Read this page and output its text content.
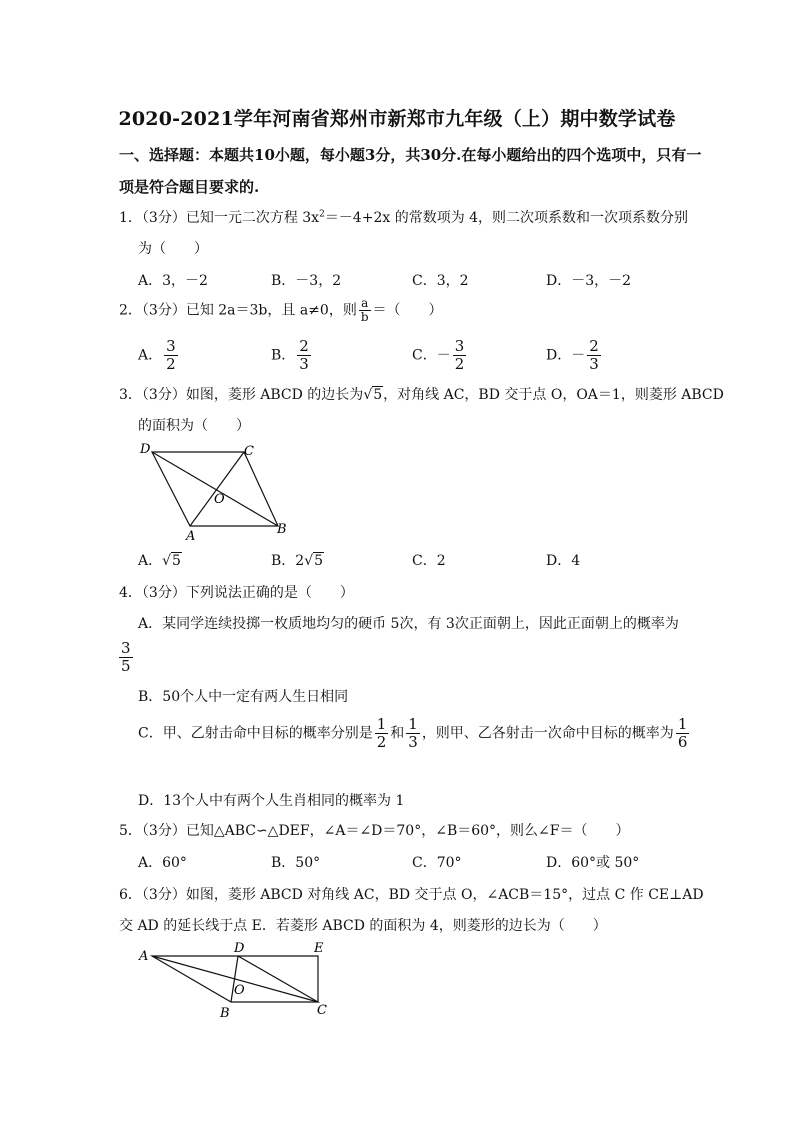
2020-2021学年河南省郑州市新郑市九年级（上）期中数学试卷
一、选择题：本题共10小题，每小题3分，共30分.在每小题给出的四个选项中，只有一
项是符合题目要求的.
1．（3分）已知一元二次方程 $3x^2=-4+2x$ 的常数项为 4，则二次项系数和一次项系数分别
为（　　）
A．3，－2	B．－3，2	C．3，2	D．－3，－2
2．（3分）已知 2a＝3b，且 a≠0，则 $\frac{a}{b}$ ＝（　　）
A． $\frac{3}{2}$	B． $\frac{2}{3}$	C．－ $\frac{3}{2}$	D．－ $\frac{2}{3}$
3．（3分）如图，菱形 ABCD 的边长为√5，对角线 AC，BD 交于点 O，OA＝1，则菱形 ABCD
的面积为（　　）
D	C
O
A	B
A．√5	B．2√5	C．2	D．4
4．（3分）下列说法正确的是（　　）
A．某同学连续投掷一枚质地均匀的硬币 5次，有 3次正面朝上，因此正面朝上的概率为
$\frac{3}{5}$
B．50个人中一定有两人生日相同
C．甲、乙射击命中目标的概率分别是 $\frac{1}{2}$ 和 $\frac{1}{3}$ ，则甲、乙各射击一次命中目标的概率为 $\frac{1}{6}$
D．13个人中有两个人生肖相同的概率为 1
5．（3分）已知△ABC∽△DEF，∠A＝∠D＝70°，∠B＝60°，则么∠F＝（　　）
A．60°	B．50°	C．70°	D．60°或 50°
6．（3分）如图，菱形 ABCD 对角线 AC，BD 交于点 O，∠ACB＝15°，过点 C 作 CE⊥AD
交 AD 的延长线于点 E．若菱形 ABCD 的面积为 4，则菱形的边长为（　　）
A
D	E
O
B	C
